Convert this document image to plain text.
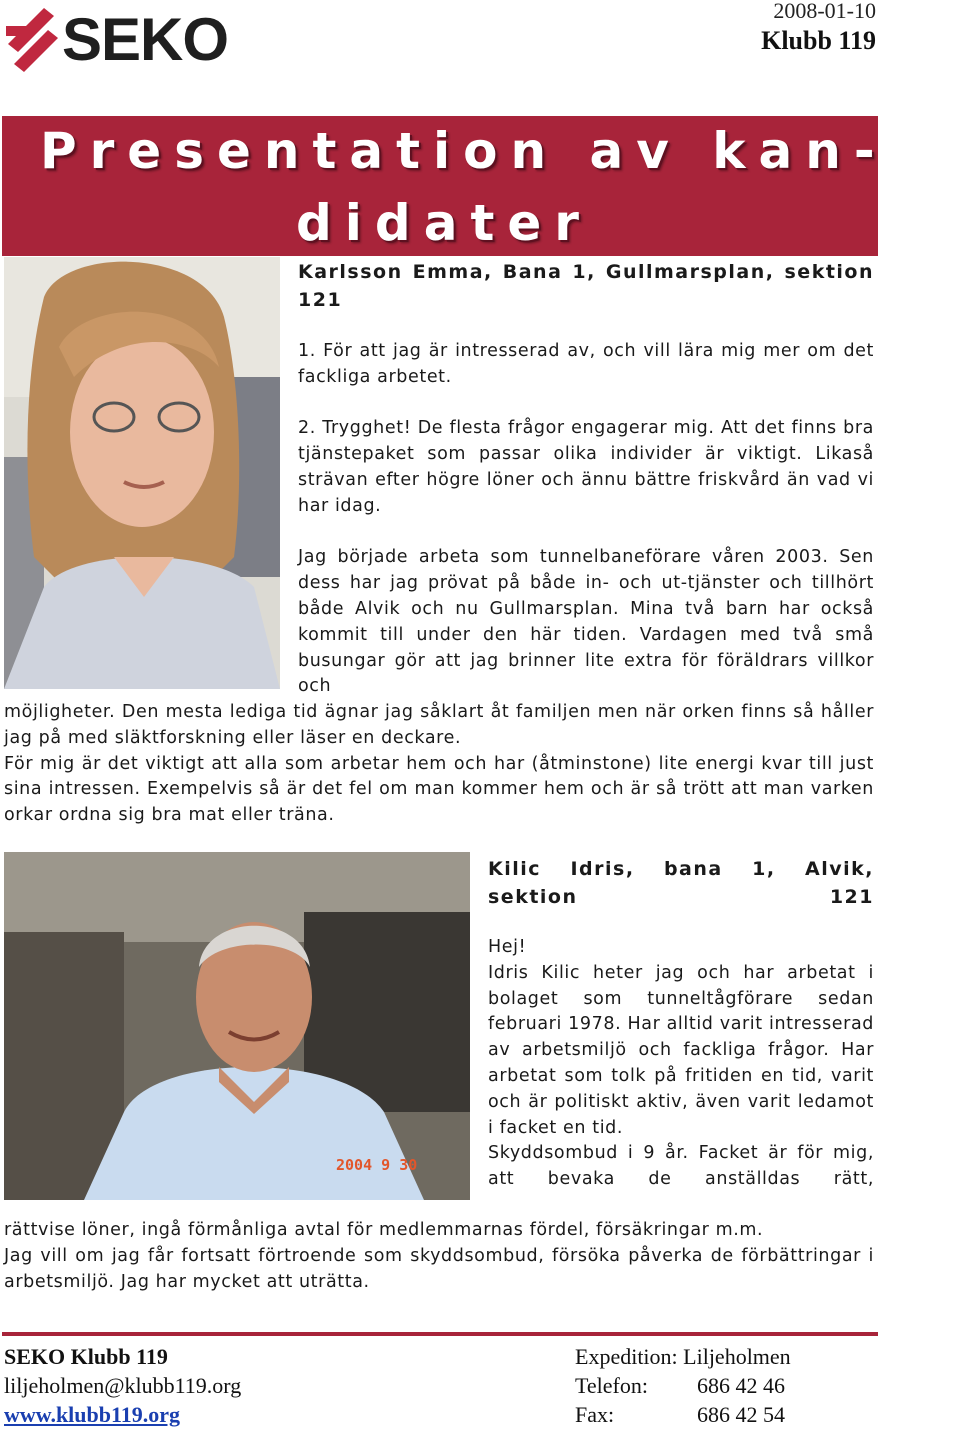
SEKO	2008-01-10
Klubb 119
Presentation av kan-
didater
Karlsson Emma, Bana 1, Gullmarsplan, sektion 121

1. För att jag är intresserad av, och vill lära mig mer om det fackliga arbetet.

2. Trygghet! De flesta frågor engagerar mig. Att det finns bra tjänstepaket som passar olika individer är viktigt. Likaså strävan efter högre löner och ännu bättre friskvård än vad vi har idag.

Jag började arbeta som tunnelbaneförare våren 2003. Sen dess har jag prövat på både in- och ut-tjänster och tillhört både Alvik och nu Gullmarsplan. Mina två barn har också kommit till under den här tiden. Vardagen med två små busungar gör att jag brinner lite extra för föräldrars villkor och

möjligheter. Den mesta lediga tid ägnar jag såklart åt familjen men när orken finns så håller jag på med släktforskning eller läser en deckare.

För mig är det viktigt att alla som arbetar hem och har (åtminstone) lite energi kvar till just sina intressen. Exempelvis så är det fel om man kommer hem och är så trött att man varken orkar ordna sig bra mat eller träna.

2004 9 30
Kilic Idris, bana 1, Alvik, sektion 121

Hej!

Idris Kilic heter jag och har arbetat i bolaget som tunneltågförare sedan februari 1978. Har alltid varit intresserad av arbetsmiljö och fackliga frågor. Har arbetat som tolk på fritiden en tid, varit och är politiskt aktiv, även varit ledamot i facket en tid.

Skyddsombud i 9 år. Facket är för mig, att bevaka de anställdas rätt,

rättvise löner, ingå förmånliga avtal för medlemmarnas fördel, försäkringar m.m.

Jag vill om jag får fortsatt förtroende som skyddsombud, försöka påverka de förbättringar i arbetsmiljö. Jag har mycket att uträtta.

SEKO Klubb 119
liljeholmen@klubb119.org
www.klubb119.org
Expedition: Liljeholmen
Telefon: 686 42 46
Fax:	686 42 54
